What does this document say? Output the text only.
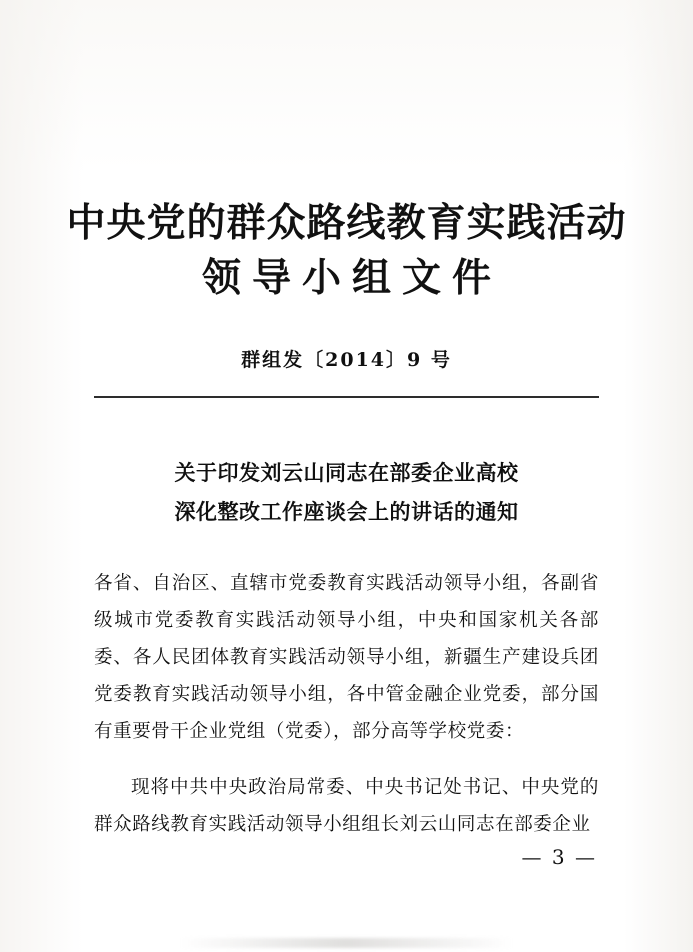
中央党的群众路线教育实践活动
领导小组文件
群组发〔2014〕9 号
关于印发刘云山同志在部委企业高校
深化整改工作座谈会上的讲话的通知

各省、自治区、直辖市党委教育实践活动领导小组，各副省级城市党委教育实践活动领导小组，中央和国家机关各部委、各人民团体教育实践活动领导小组，新疆生产建设兵团党委教育实践活动领导小组，各中管金融企业党委，部分国有重要骨干企业党组（党委），部分高等学校党委：

现将中共中央政治局常委、中央书记处书记、中央党的群众路线教育实践活动领导小组组长刘云山同志在部委企业

— 3 —
